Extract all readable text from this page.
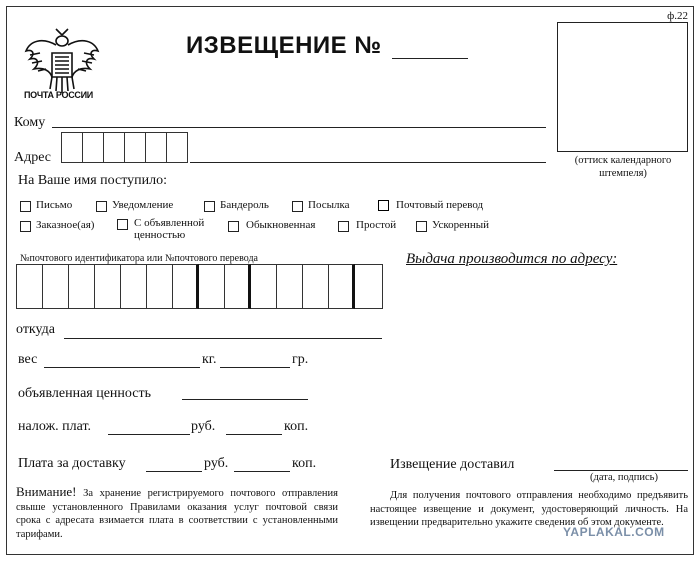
ПОЧТА РОССИИ
ИЗВЕЩЕНИЕ №
ф.22
(оттиск календарного штемпеля)
Кому
Адрес
На Ваше имя поступило:
Письмо	Уведомление	Бандероль	Посылка	Почтовый перевод
Заказное(ая)	С объявленной ценностью
Обыкновенная	Простой	Ускоренный
№почтового идентификатора или №почтового перевода	Выдача производится по адресу:
откуда
вес	кг.	гр.
объявленная ценность
налож. плат.	руб.	коп.
Плата за доставку	руб.	коп.	Извещение доставил
(дата, подпись)
Внимание! За хранение регистрируемого почтового отправления свыше установленного Правилами оказания услуг почтовой связи срока с адресата взимается плата в соответствии с установленными тарифами.
Для получения почтового отправления необходимо предъявить настоящее извещение и документ, удостоверяющий личность. На извещении предварительно укажите сведения об этом документе.
YAPLAKAL.COM
